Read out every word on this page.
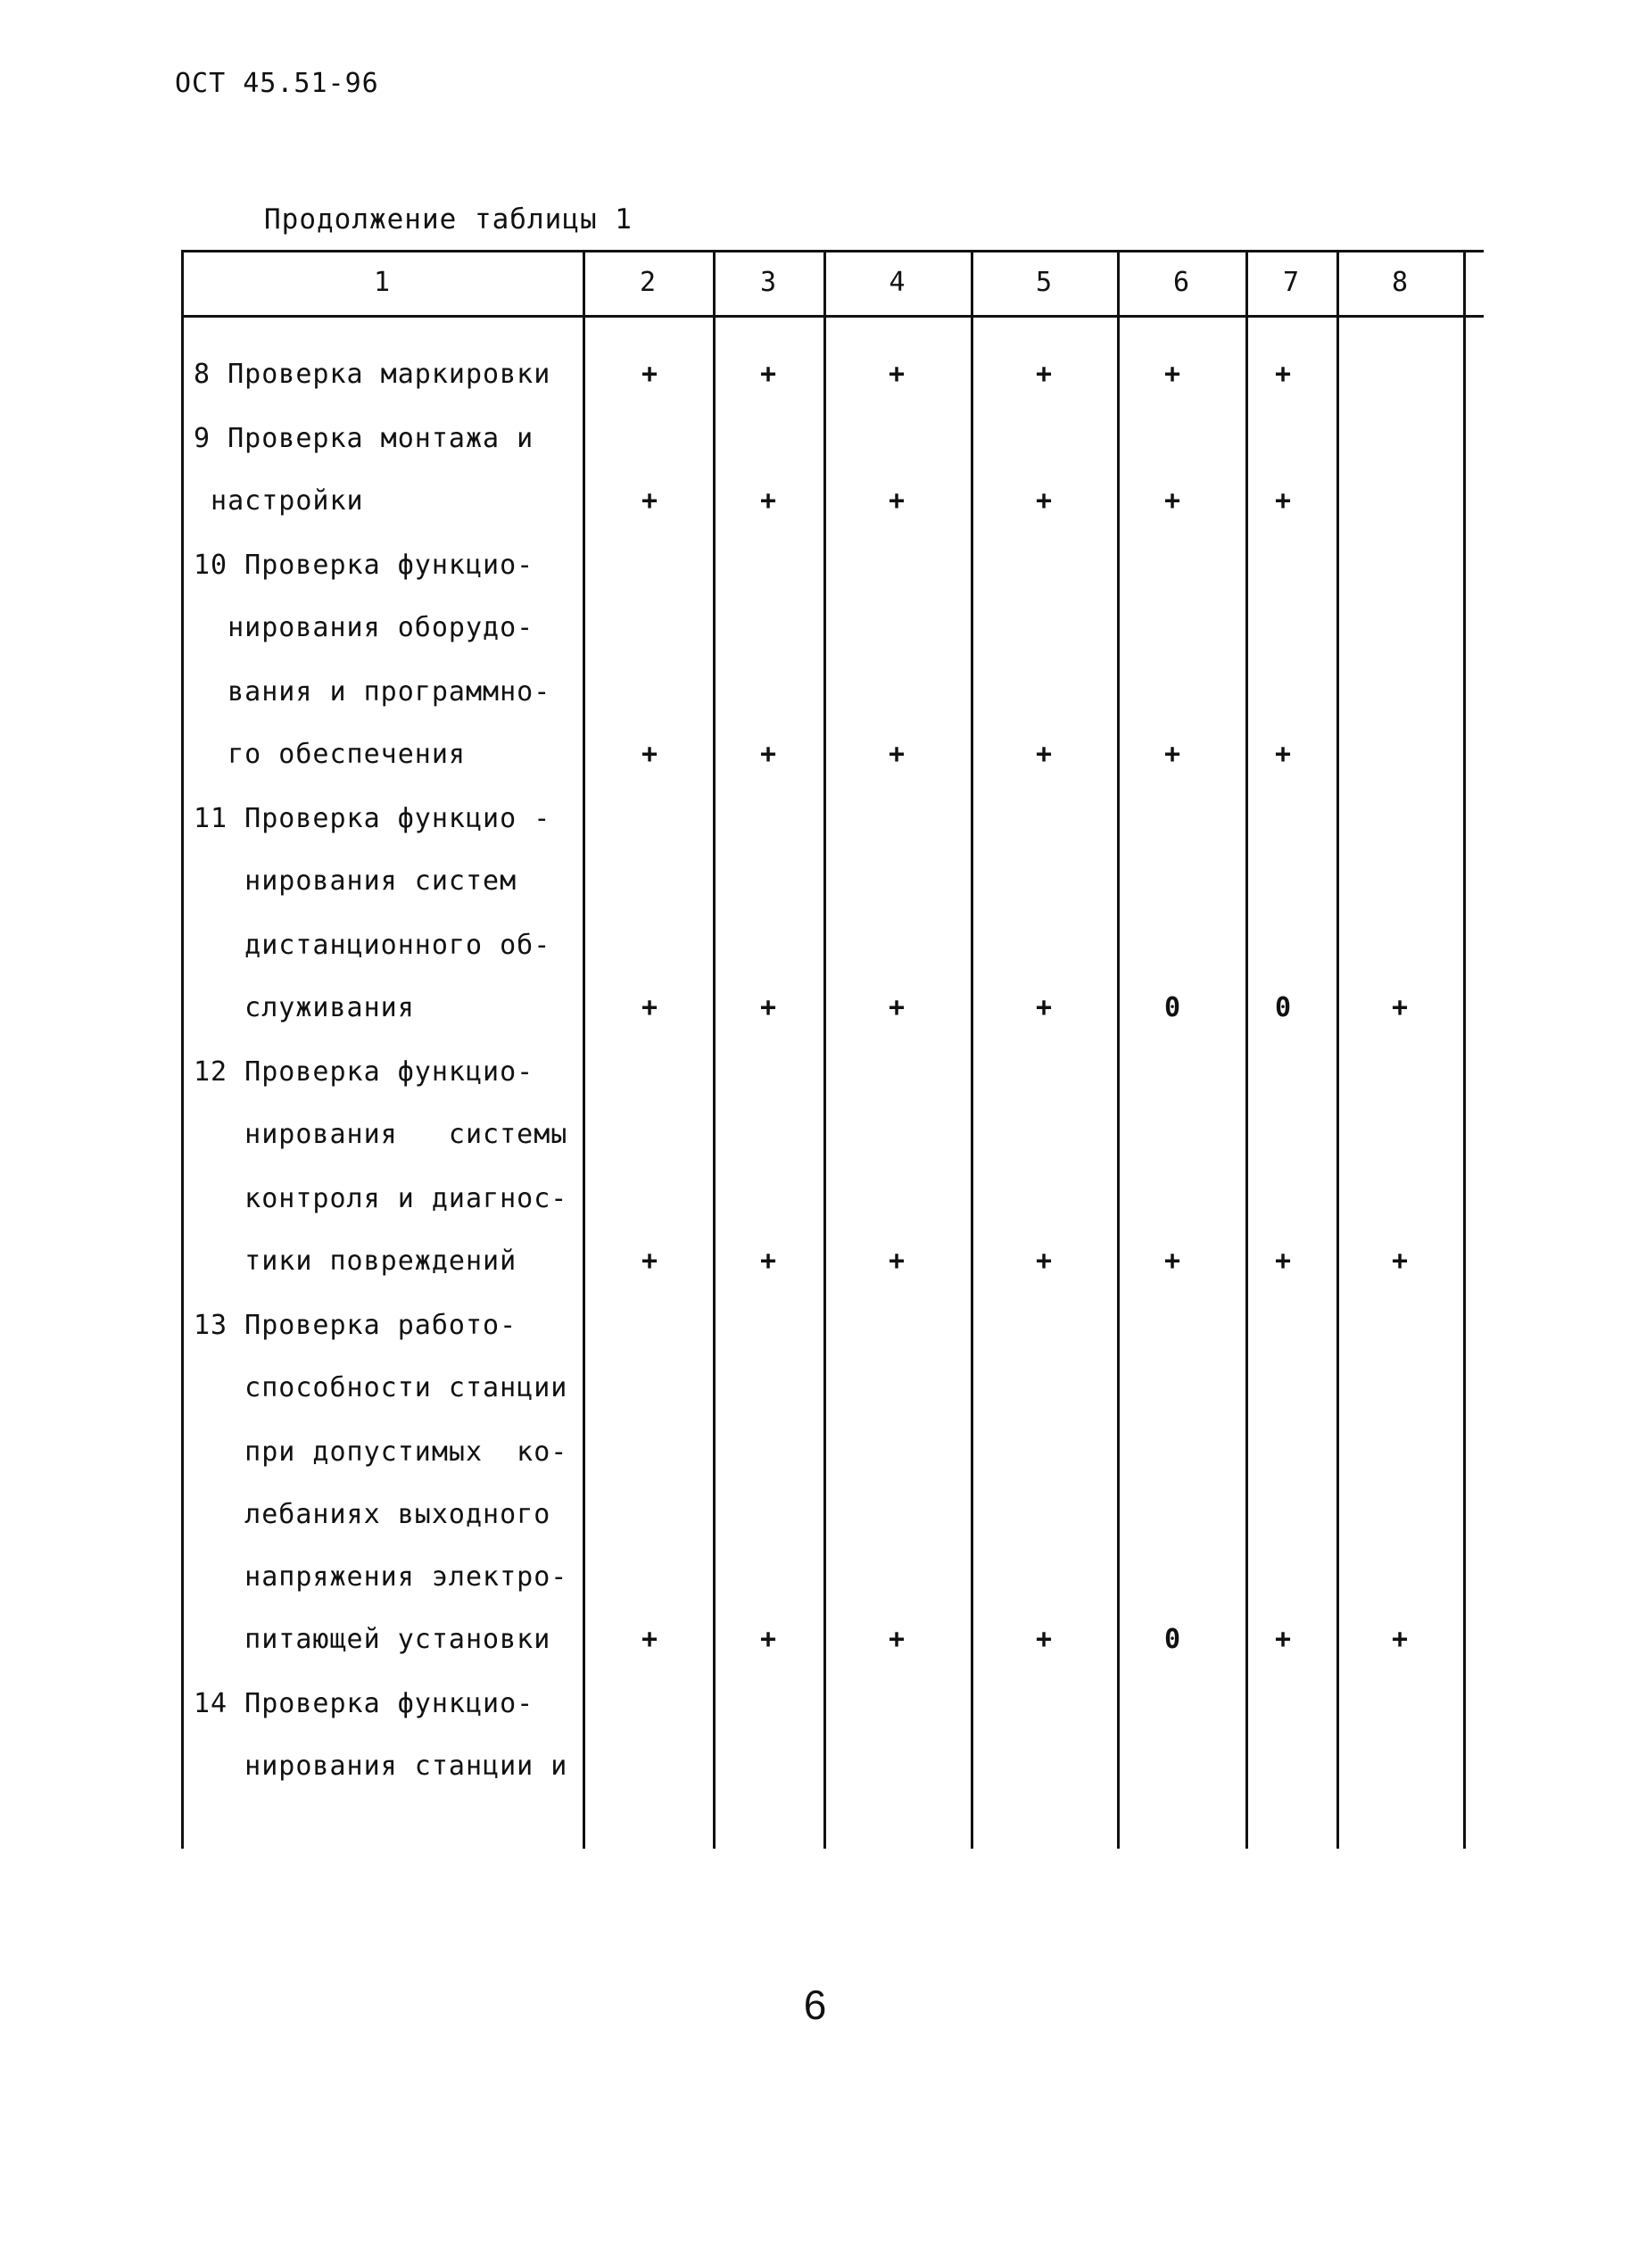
ОСТ 45.51-96
Продолжение таблицы 1
1	2	3	4	5	6	7	8
8 Проверка маркировки	+	+	+	+	+	+
9 Проверка монтажа и
настройки	+	+	+	+	+	+
10 Проверка функцио-
нирования оборудо-
вания и программно-
го обеспечения	+	+	+	+	+	+
11 Проверка функцио -
нирования систем
дистанционного об-
служивания	+	+	+	+	0	0	+
12 Проверка функцио-
нирования   системы
контроля и диагнос-
тики повреждений	+	+	+	+	+	+	+
13 Проверка работо-
способности станции
при допустимых  ко-
лебаниях выходного
напряжения электро-
питающей установки	+	+	+	+	0	+	+
14 Проверка функцио-
нирования станции и
6
